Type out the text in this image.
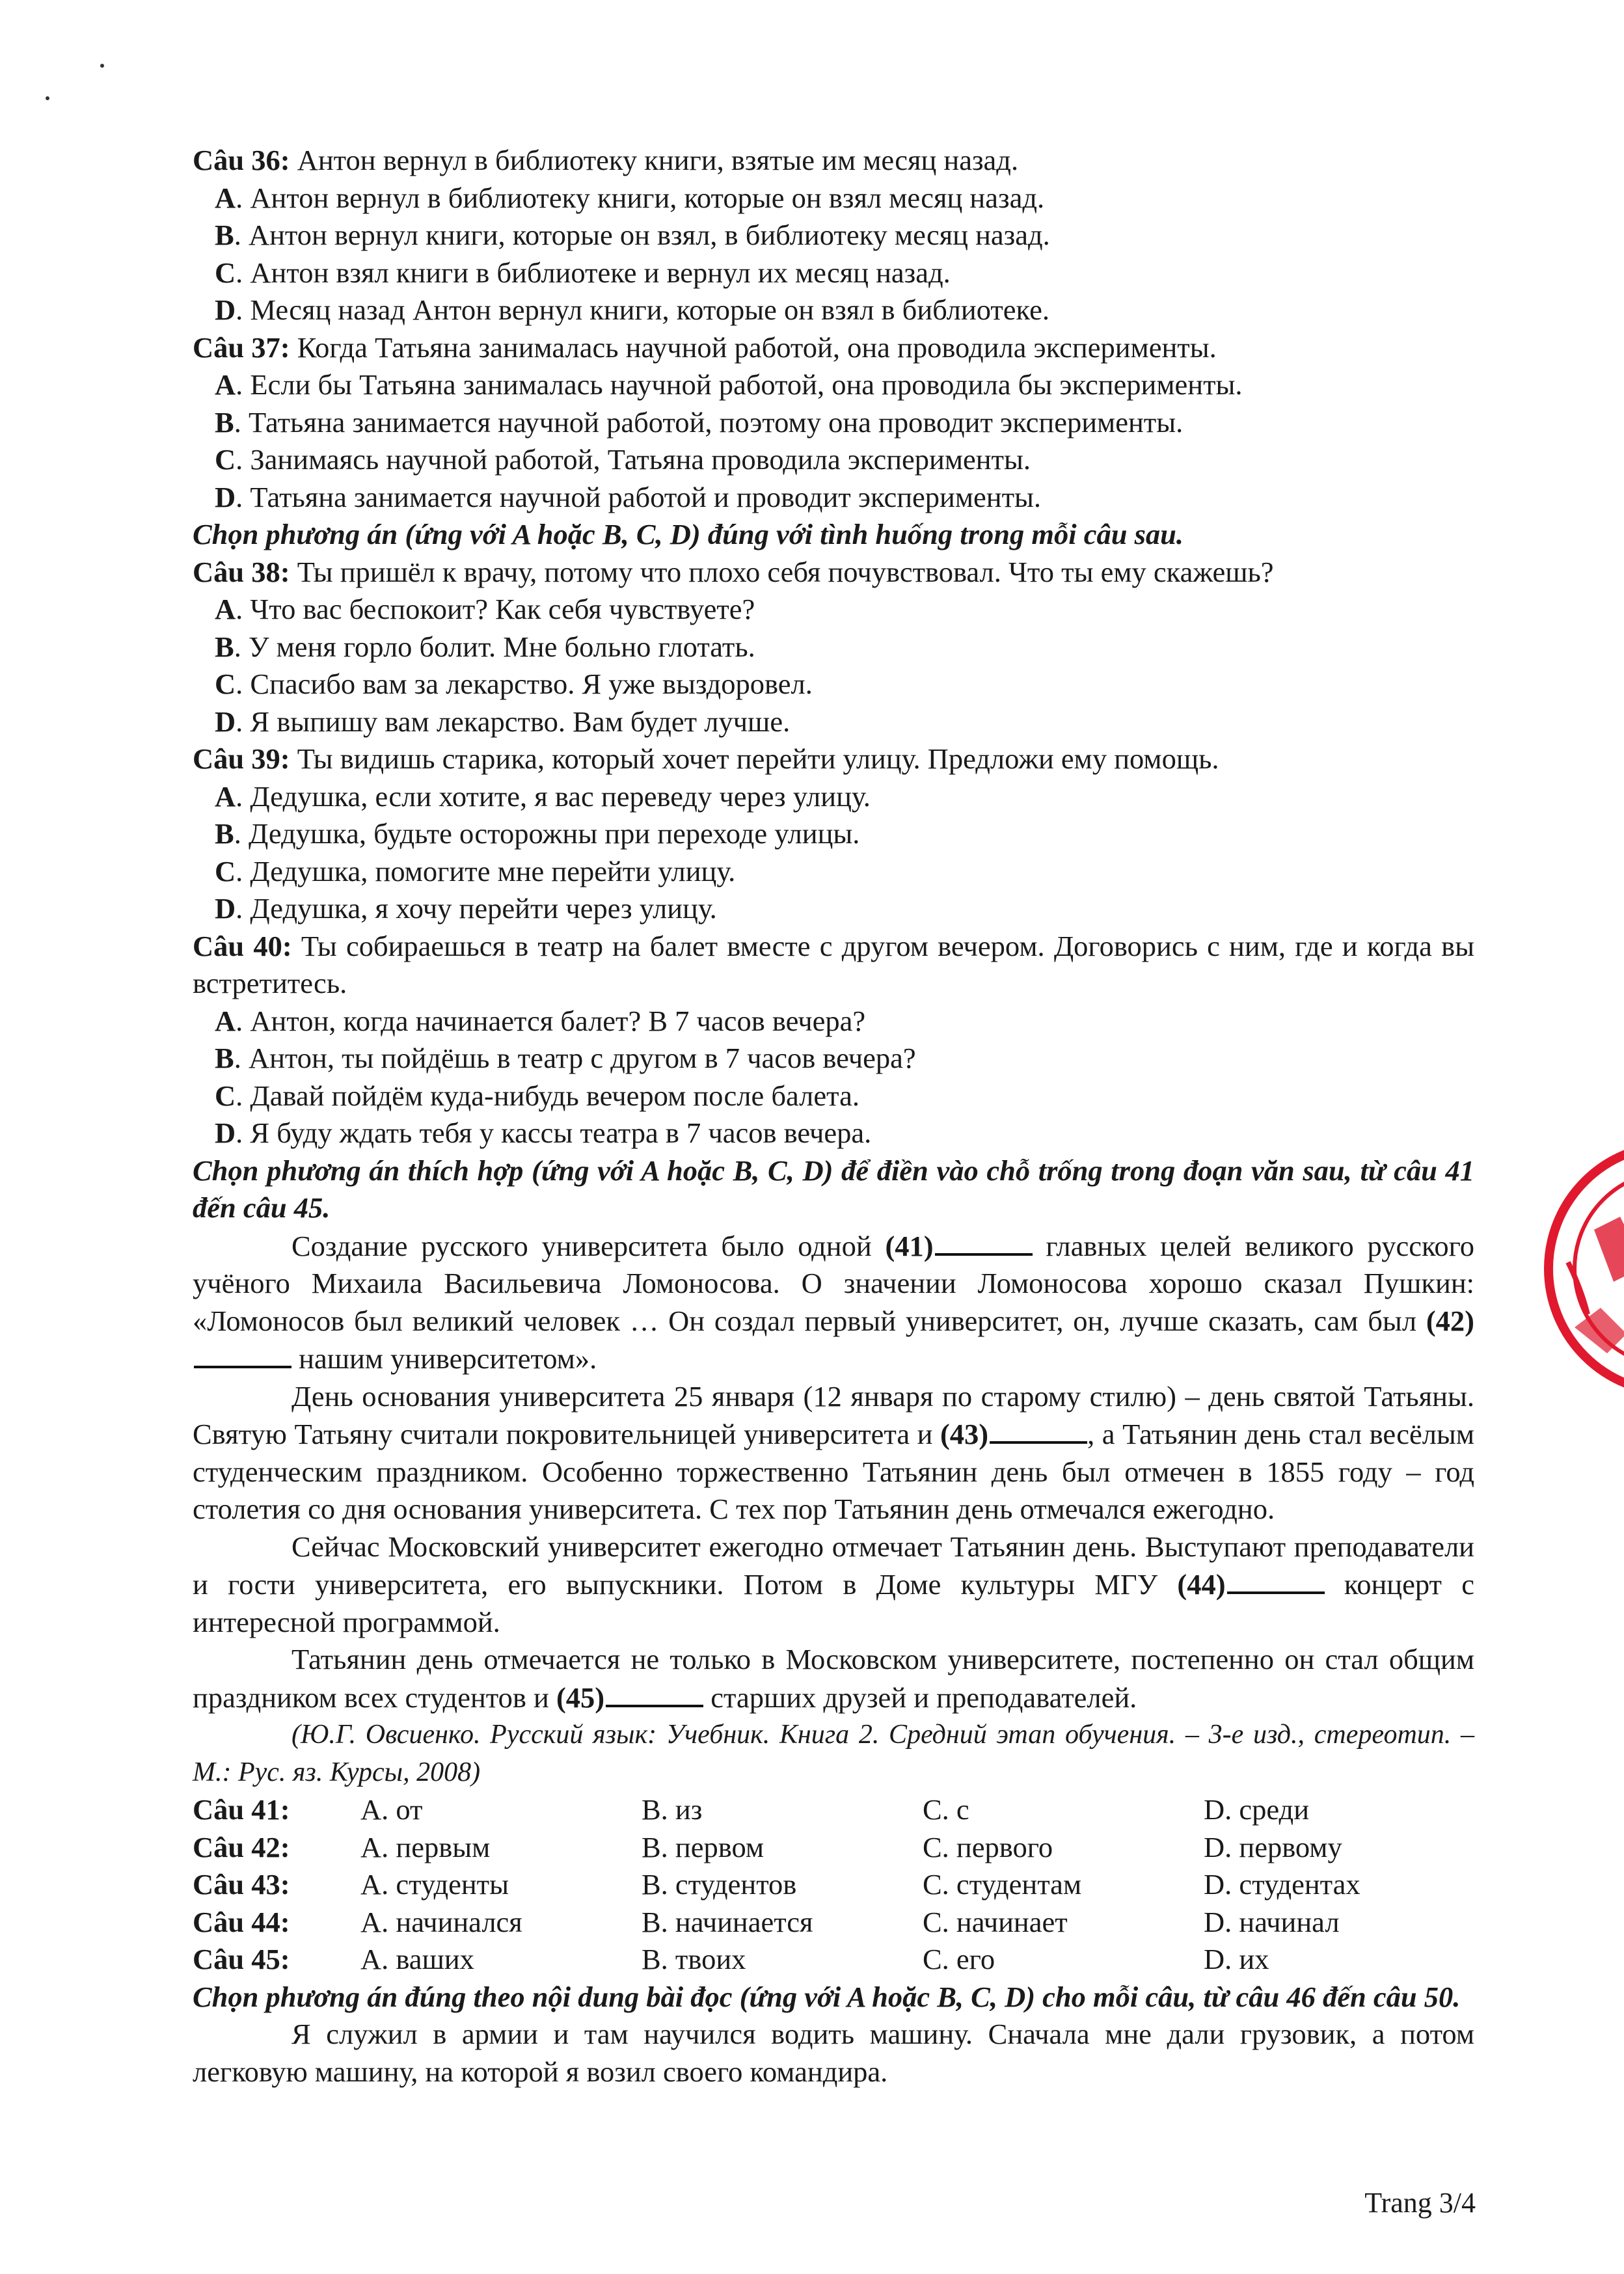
Câu 36: Антон вернул в библиотеку книги, взятые им месяц назад.
A. Антон вернул в библиотеку книги, которые он взял месяц назад.
B. Антон вернул книги, которые он взял, в библиотеку месяц назад.
C. Антон взял книги в библиотеке и вернул их месяц назад.
D. Месяц назад Антон вернул книги, которые он взял в библиотеке.
Câu 37: Когда Татьяна занималась научной работой, она проводила эксперименты.
A. Если бы Татьяна занималась научной работой, она проводила бы эксперименты.
B. Татьяна занимается научной работой, поэтому она проводит эксперименты.
C. Занимаясь научной работой, Татьяна проводила эксперименты.
D. Татьяна занимается научной работой и проводит эксперименты.
Chọn phương án (ứng với A hoặc B, C, D) đúng với tình huống trong mỗi câu sau.
Câu 38: Ты пришёл к врачу, потому что плохо себя почувствовал. Что ты ему скажешь?
A. Что вас беспокоит? Как себя чувствуете?
B. У меня горло болит. Мне больно глотать.
C. Спасибо вам за лекарство. Я уже выздоровел.
D. Я выпишу вам лекарство. Вам будет лучше.
Câu 39: Ты видишь старика, который хочет перейти улицу. Предложи ему помощь.
A. Дедушка, если хотите, я вас переведу через улицу.
B. Дедушка, будьте осторожны при переходе улицы.
C. Дедушка, помогите мне перейти улицу.
D. Дедушка, я хочу перейти через улицу.
Câu 40: Ты собираешься в театр на балет вместе с другом вечером. Договорись с ним, где и когда вы встретитесь.
A. Антон, когда начинается балет? В 7 часов вечера?
B. Антон, ты пойдёшь в театр с другом в 7 часов вечера?
C. Давай пойдём куда-нибудь вечером после балета.
D. Я буду ждать тебя у кассы театра в 7 часов вечера.
Chọn phương án thích hợp (ứng với A hoặc B, C, D) để điền vào chỗ trống trong đoạn văn sau, từ câu 41 đến câu 45.
Создание русского университета было одной (41)	главных целей великого русского учёного Михаила Васильевича Ломоносова. О значении Ломоносова хорошо сказал Пушкин: «Ломоносов был великий человек … Он создал первый университет, он, лучше сказать, сам был (42) нашим университетом».
День основания университета 25 января (12 января по старому стилю) – день святой Татьяны. Святую Татьяну считали покровительницей университета и (43)	, а Татьянин день стал весёлым студенческим праздником. Особенно торжественно Татьянин день был отмечен в 1855 году – год столетия со дня основания университета. С тех пор Татьянин день отмечался ежегодно.
Сейчас Московский университет ежегодно отмечает Татьянин день. Выступают преподаватели и гости университета, его выпускники. Потом в Доме культуры МГУ (44)	концерт с интересной программой.
Татьянин день отмечается не только в Московском университете, постепенно он стал общим праздником всех студентов и (45)	старших друзей и преподавателей.
(Ю.Г. Овсиенко. Русский язык: Учебник. Книга 2. Средний этап обучения. – 3-е изд., стереотип. – М.: Рус. яз. Курсы, 2008)
Câu 41:	A. от	B. из	C. с	D. среди
Câu 42:	A. первым	B. первом	C. первого	D. первому
Câu 43:	A. студенты	B. студентов	C. студентам	D. студентах
Câu 44:	A. начинался	B. начинается	C. начинает	D. начинал
Câu 45:	A. ваших	B. твоих	C. его	D. их
Chọn phương án đúng theo nội dung bài đọc (ứng với A hoặc B, C, D) cho mỗi câu, từ câu 46 đến câu 50.
Я служил в армии и там научился водить машину. Сначала мне дали грузовик, а потом легковую машину, на которой я возил своего командира.
Trang 3/4
